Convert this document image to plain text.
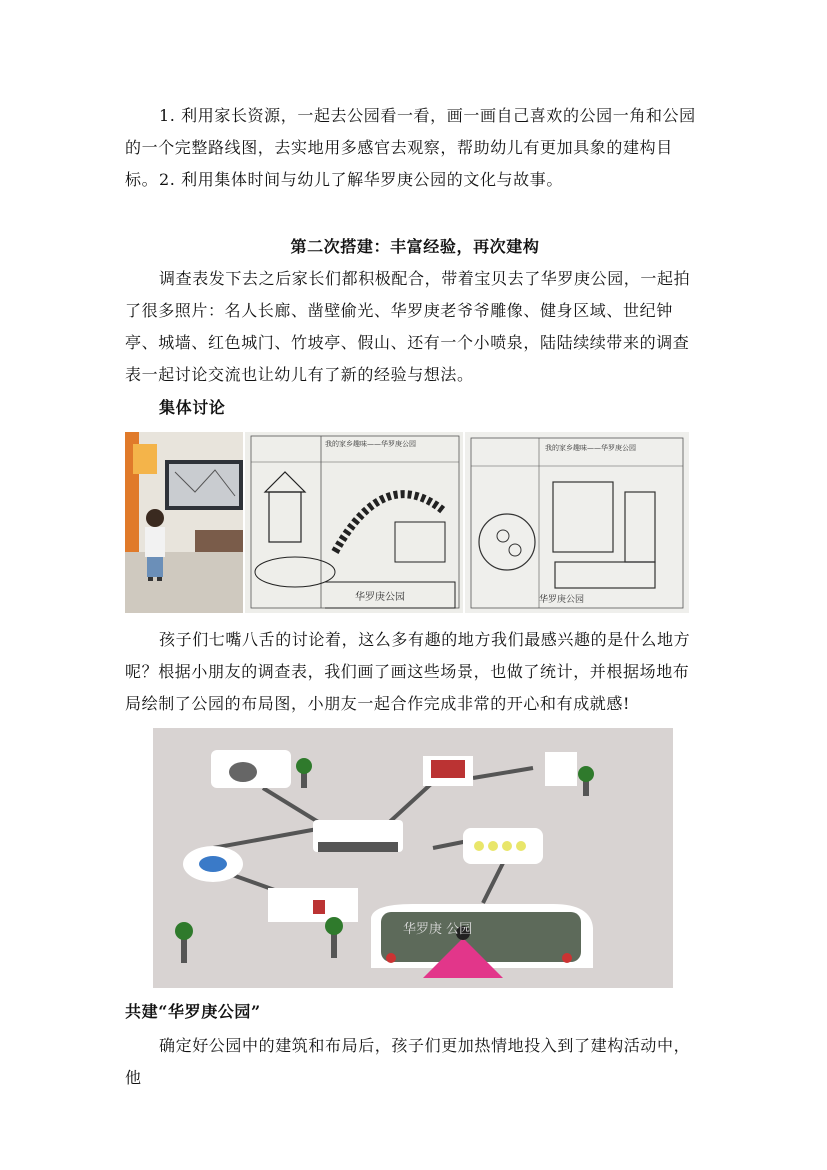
1. 利用家长资源，一起去公园看一看，画一画自己喜欢的公园一角和公园的一个完整路线图，去实地用多感官去观察，帮助幼儿有更加具象的建构目标。 2. 利用集体时间与幼儿了解华罗庚公园的文化与故事。

第二次搭建：丰富经验，再次建构

调查表发下去之后家长们都积极配合，带着宝贝去了华罗庚公园，一起拍了很多照片：名人长廊、凿壁偷光、华罗庚老爷爷雕像、健身区域、世纪钟亭、城墙、红色城门、竹坡亭、假山、还有一个小喷泉，陆陆续续带来的调查表一起讨论交流也让幼儿有了新的经验与想法。

集体讨论

我的家乡趣味——华罗庚公园
华罗庚公园
我的家乡趣味——华罗庚公园
华罗庚公园

孩子们七嘴八舌的讨论着，这么多有趣的地方我们最感兴趣的是什么地方呢？根据小朋友的调查表，我们画了画这些场景，也做了统计，并根据场地布局绘制了公园的布局图，小朋友一起合作完成非常的开心和有成就感!

华罗庚 公园

共建“华罗庚公园”

确定好公园中的建筑和布局后，孩子们更加热情地投入到了建构活动中，他
